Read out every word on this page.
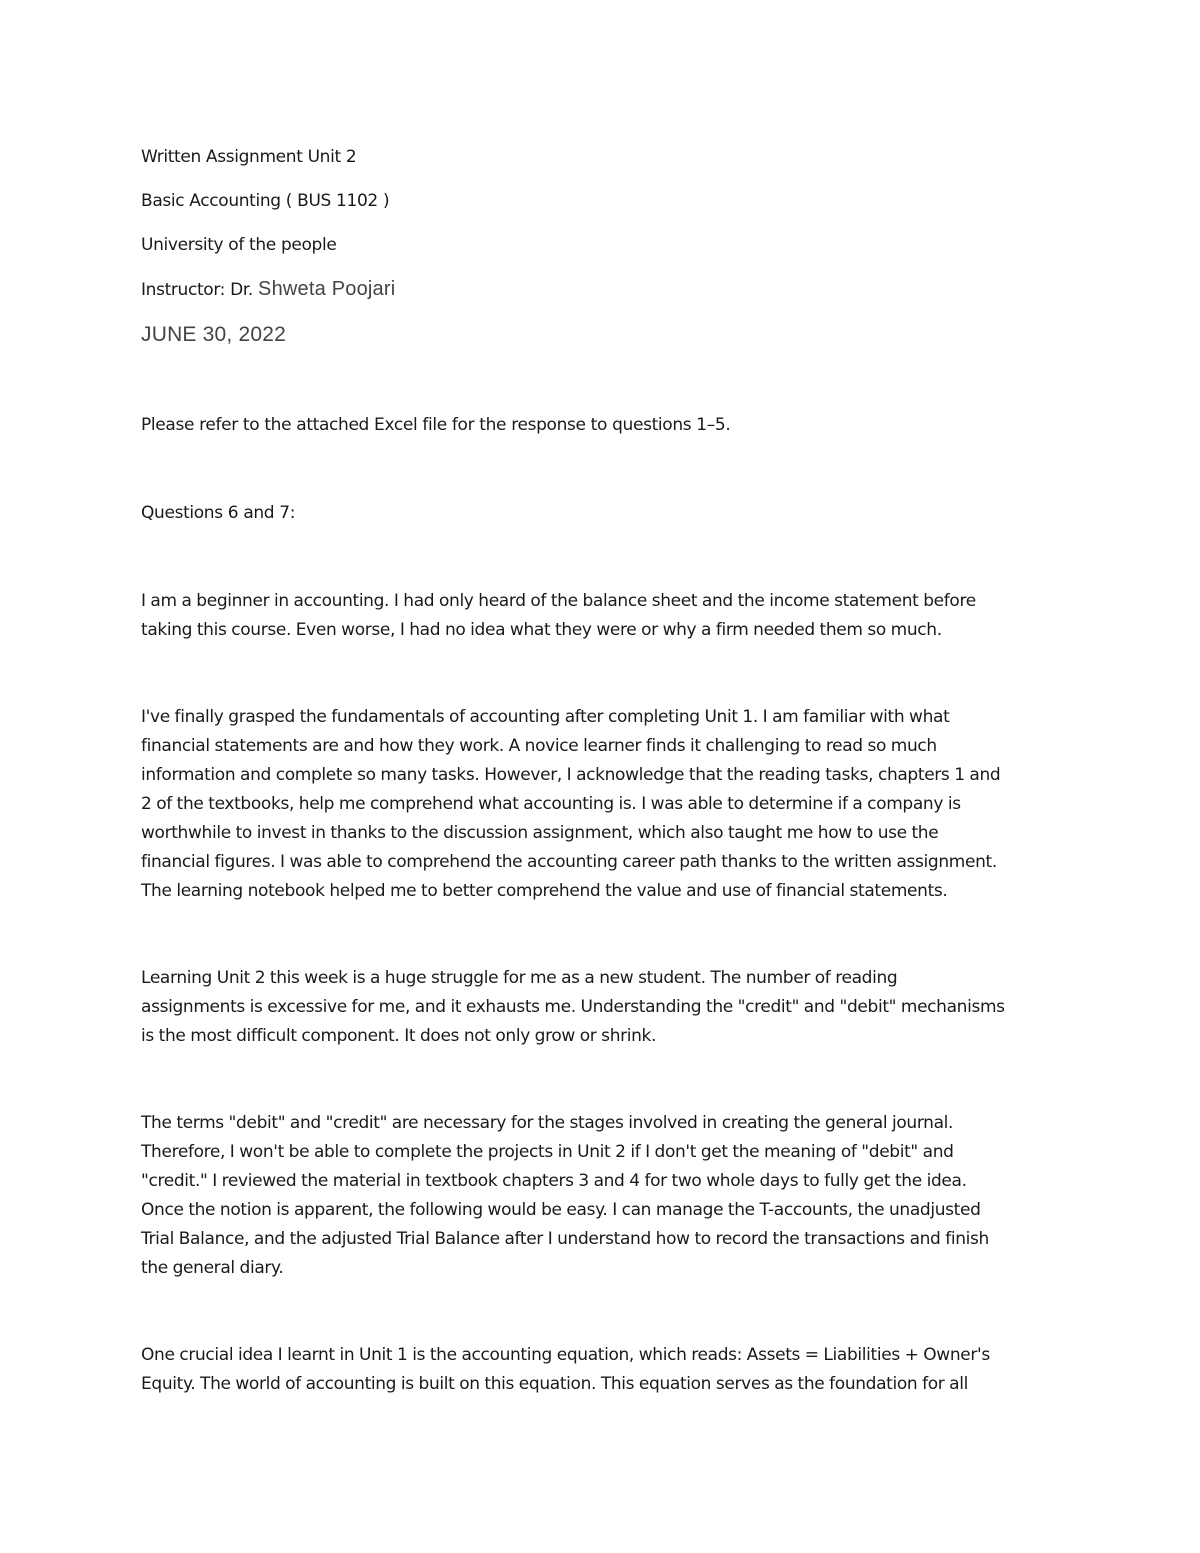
Written Assignment Unit 2

Basic Accounting ( BUS 1102 )

University of the people

Instructor: Dr. Shweta Poojari

JUNE 30, 2022

Please refer to the attached Excel file for the response to questions 1–5.

Questions 6 and 7:

I am a beginner in accounting. I had only heard of the balance sheet and the income statement before
taking this course. Even worse, I had no idea what they were or why a firm needed them so much.

I've finally grasped the fundamentals of accounting after completing Unit 1. I am familiar with what
financial statements are and how they work. A novice learner finds it challenging to read so much
information and complete so many tasks. However, I acknowledge that the reading tasks, chapters 1 and
2 of the textbooks, help me comprehend what accounting is. I was able to determine if a company is
worthwhile to invest in thanks to the discussion assignment, which also taught me how to use the
financial figures. I was able to comprehend the accounting career path thanks to the written assignment.
The learning notebook helped me to better comprehend the value and use of financial statements.

Learning Unit 2 this week is a huge struggle for me as a new student. The number of reading
assignments is excessive for me, and it exhausts me. Understanding the "credit" and "debit" mechanisms
is the most difficult component. It does not only grow or shrink.

The terms "debit" and "credit" are necessary for the stages involved in creating the general journal.
Therefore, I won't be able to complete the projects in Unit 2 if I don't get the meaning of "debit" and
"credit." I reviewed the material in textbook chapters 3 and 4 for two whole days to fully get the idea.
Once the notion is apparent, the following would be easy. I can manage the T-accounts, the unadjusted
Trial Balance, and the adjusted Trial Balance after I understand how to record the transactions and finish
the general diary.

One crucial idea I learnt in Unit 1 is the accounting equation, which reads: Assets = Liabilities + Owner's
Equity. The world of accounting is built on this equation. This equation serves as the foundation for all
